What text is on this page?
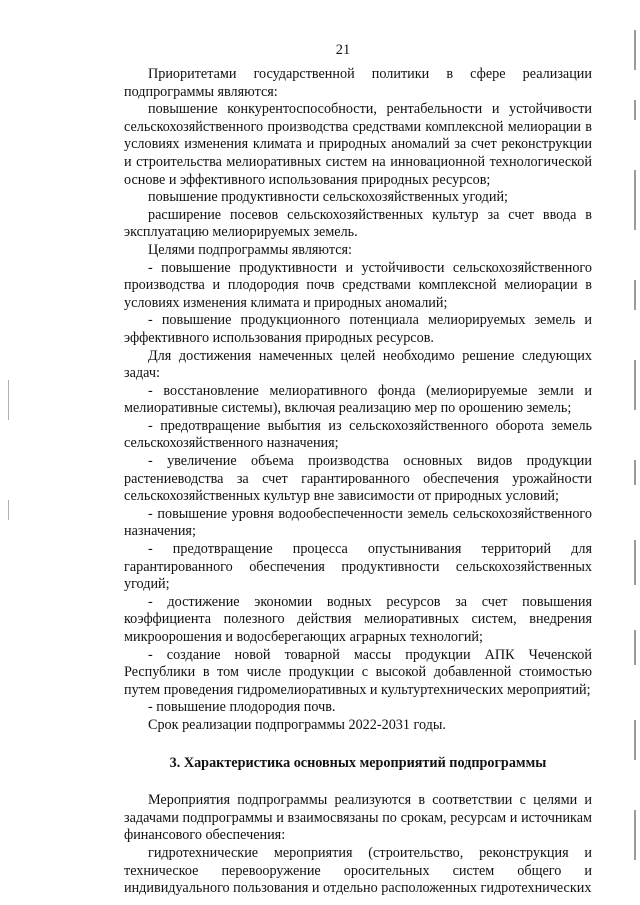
21

Приоритетами государственной политики в сфере реализации подпрограммы являются:

повышение конкурентоспособности, рентабельности и устойчивости сельскохозяйственного производства средствами комплексной мелиорации в условиях изменения климата и природных аномалий за счет реконструкции и строительства мелиоративных систем на инновационной технологической основе и эффективного использования природных ресурсов;

повышение продуктивности сельскохозяйственных угодий;

расширение посевов сельскохозяйственных культур за счет ввода в эксплуатацию мелиорируемых земель.

Целями подпрограммы являются:

- повышение продуктивности и устойчивости сельскохозяйственного производства и плодородия почв средствами комплексной мелиорации в условиях изменения климата и природных аномалий;

- повышение продукционного потенциала мелиорируемых земель и эффективного использования природных ресурсов.

Для достижения намеченных целей необходимо решение следующих задач:

- восстановление мелиоративного фонда (мелиорируемые земли и мелиоративные системы), включая реализацию мер по орошению земель;

- предотвращение выбытия из сельскохозяйственного оборота земель сельскохозяйственного назначения;

- увеличение объема производства основных видов продукции растениеводства за счет гарантированного обеспечения урожайности сельскохозяйственных культур вне зависимости от природных условий;

- повышение уровня водообеспеченности земель сельскохозяйственного назначения;

- предотвращение процесса опустынивания территорий для гарантированного обеспечения продуктивности сельскохозяйственных угодий;

- достижение экономии водных ресурсов за счет повышения коэффициента полезного действия мелиоративных систем, внедрения микроорошения и водосберегающих аграрных технологий;

- создание новой товарной массы продукции АПК Чеченской Республики в том числе продукции с высокой добавленной стоимостью путем проведения гидромелиоративных и культуртехнических мероприятий;

- повышение плодородия почв.

Срок реализации подпрограммы 2022-2031 годы.

3. Характеристика основных мероприятий подпрограммы

Мероприятия подпрограммы реализуются в соответствии с целями и задачами подпрограммы и взаимосвязаны по срокам, ресурсам и источникам финансового обеспечения:

гидротехнические мероприятия (строительство, реконструкция и техническое перевооружение оросительных систем общего и индивидуального пользования и отдельно расположенных гидротехнических
